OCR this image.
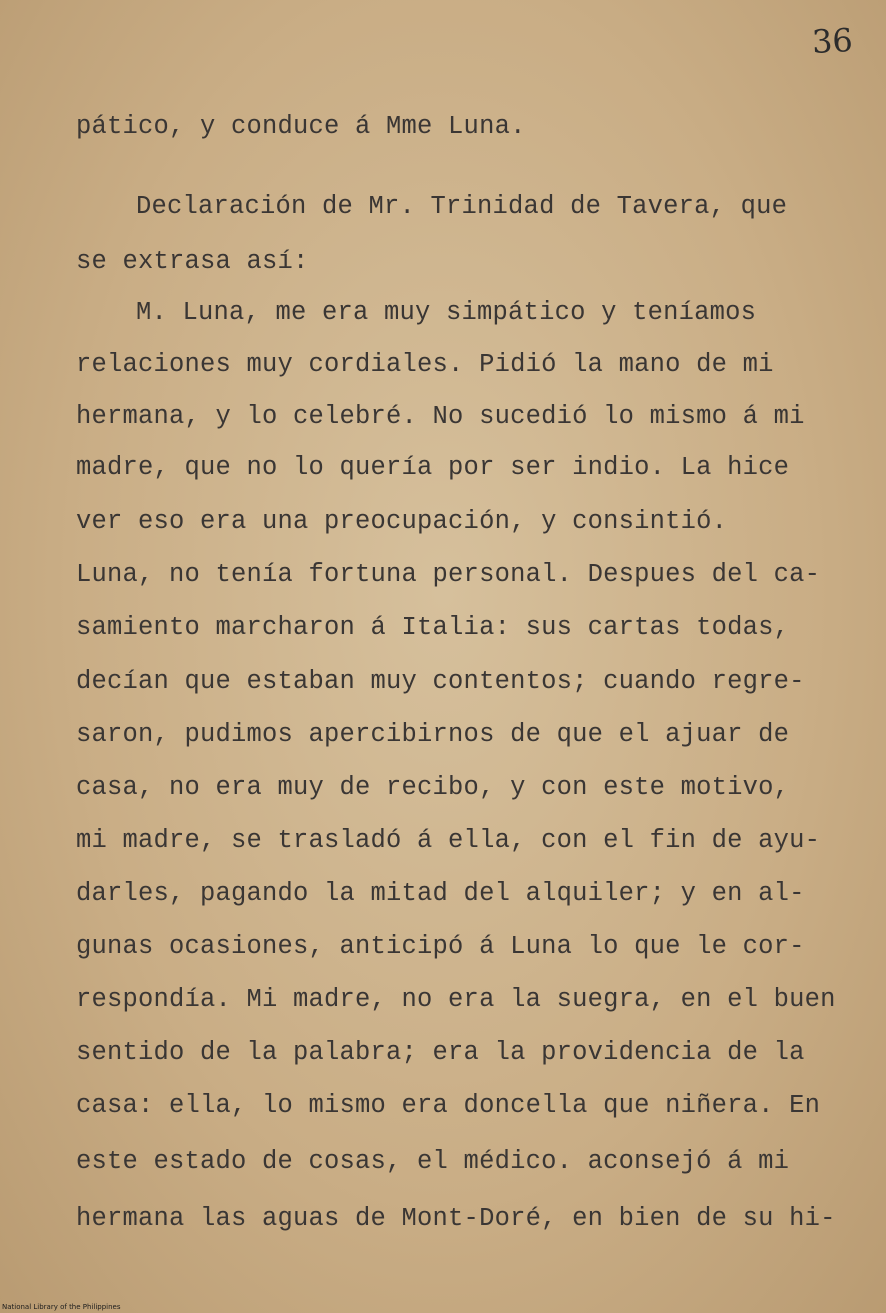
36
pático, y conduce á Mme Luna.
Declaración de Mr. Trinidad de Tavera, que
se extrasa así:
M. Luna, me era muy simpático y teníamos
relaciones muy cordiales. Pidió la mano de mi
hermana, y lo celebré. No sucedió lo mismo á mi
madre, que no lo quería por ser indio. La hice
ver eso era una preocupación, y consintió.
Luna, no tenía fortuna personal. Despues del ca-
samiento marcharon á Italia: sus cartas todas,
decían que estaban muy contentos; cuando regre-
saron, pudimos apercibirnos de que el ajuar de
casa, no era muy de recibo, y con este motivo,
mi madre, se trasladó á ella, con el fin de ayu-
darles, pagando la mitad del alquiler; y en al-
gunas ocasiones, anticipó á Luna lo que le cor-
respondía. Mi madre, no era la suegra, en el buen
sentido de la palabra; era la providencia de la
casa: ella, lo mismo era doncella que niñera. En
este estado de cosas, el médico. aconsejó á mi
hermana las aguas de Mont-Doré, en bien de su hi-
National Library of the Philippines
